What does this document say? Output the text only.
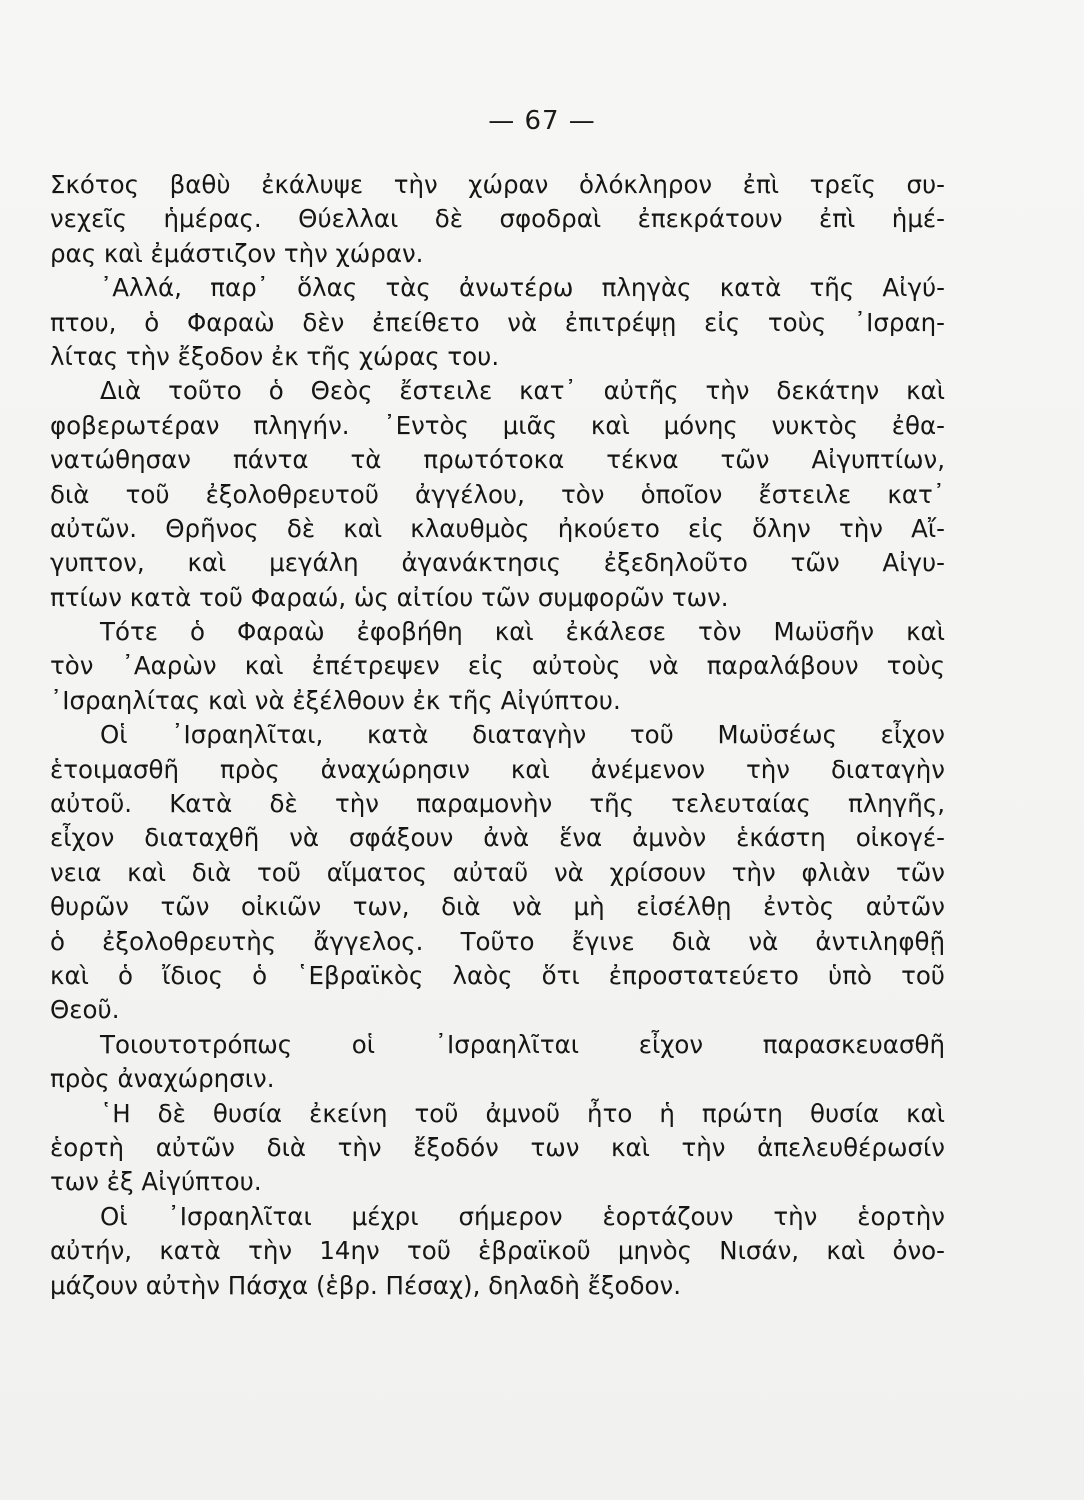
— 67 —
Σκότος βαθὺ ἐκάλυψε τὴν χώραν ὁλόκληρον ἐπὶ τρεῖς συ-
νεχεῖς ἡμέρας. Θύελλαι δὲ σφοδραὶ ἐπεκράτουν ἐπὶ ἡμέ-
ρας καὶ ἐμάστιζον τὴν χώραν.
᾿Αλλά, παρ᾿ ὅλας τὰς ἀνωτέρω πληγὰς κατὰ τῆς Αἰγύ-
πτου, ὁ Φαραὼ δὲν ἐπείθετο νὰ ἐπιτρέψῃ εἰς τοὺς ᾿Ισραη-
λίτας τὴν ἔξοδον ἐκ τῆς χώρας του.
Διὰ τοῦτο ὁ Θεὸς ἔστειλε κατ᾿ αὐτῆς τὴν δεκάτην καὶ
φοβερωτέραν πληγήν. ᾿Εντὸς μιᾶς καὶ μόνης νυκτὸς ἐθα-
νατώθησαν πάντα τὰ πρωτότοκα τέκνα τῶν Αἰγυπτίων,
διὰ τοῦ ἐξολοθρευτοῦ ἀγγέλου, τὸν ὁποῖον ἔστειλε κατ᾿
αὐτῶν. Θρῆνος δὲ καὶ κλαυθμὸς ἠκούετο εἰς ὅλην τὴν Αἴ-
γυπτον, καὶ μεγάλη ἀγανάκτησις ἐξεδηλοῦτο τῶν Αἰγυ-
πτίων κατὰ τοῦ Φαραώ, ὡς αἰτίου τῶν συμφορῶν των.
Τότε ὁ Φαραὼ ἐφοβήθη καὶ ἐκάλεσε τὸν Μωϋσῆν καὶ
τὸν ᾿Ααρὼν καὶ ἐπέτρεψεν εἰς αὐτοὺς νὰ παραλάβουν τοὺς
᾿Ισραηλίτας καὶ νὰ ἐξέλθουν ἐκ τῆς Αἰγύπτου.
Οἱ ᾿Ισραηλῖται, κατὰ διαταγὴν τοῦ Μωϋσέως εἶχον
ἑτοιμασθῆ πρὸς ἀναχώρησιν καὶ ἀνέμενον τὴν διαταγὴν
αὐτοῦ. Κατὰ δὲ τὴν παραμονὴν τῆς τελευταίας πληγῆς,
εἶχον διαταχθῆ νὰ σφάξουν ἀνὰ ἕνα ἀμνὸν ἑκάστη οἰκογέ-
νεια καὶ διὰ τοῦ αἵματος αὐταῦ νὰ χρίσουν τὴν φλιὰν τῶν
θυρῶν τῶν οἰκιῶν των, διὰ νὰ μὴ εἰσέλθῃ ἐντὸς αὐτῶν
ὁ ἐξολοθρευτὴς ἄγγελος. Τοῦτο ἔγινε διὰ νὰ ἀντιληφθῇ
καὶ ὁ ἴδιος ὁ ῾Εβραϊκὸς λαὸς ὅτι ἐπροστατεύετο ὑπὸ τοῦ
Θεοῦ.
Τοιουτοτρόπως οἱ ᾿Ισραηλῖται εἶχον παρασκευασθῆ
πρὸς ἀναχώρησιν.
῾Η δὲ θυσία ἐκείνη τοῦ ἀμνοῦ ἦτο ἡ πρώτη θυσία καὶ
ἑορτὴ αὐτῶν διὰ τὴν ἔξοδόν των καὶ τὴν ἀπελευθέρωσίν
των ἐξ Αἰγύπτου.
Οἱ ᾿Ισραηλῖται μέχρι σήμερον ἑορτάζουν τὴν ἑορτὴν
αὐτήν, κατὰ τὴν 14ην τοῦ ἑβραϊκοῦ μηνὸς Νισάν, καὶ ὀνο-
μάζουν αὐτὴν Πάσχα (ἑβρ. Πέσαχ), δηλαδὴ ἔξοδον.
